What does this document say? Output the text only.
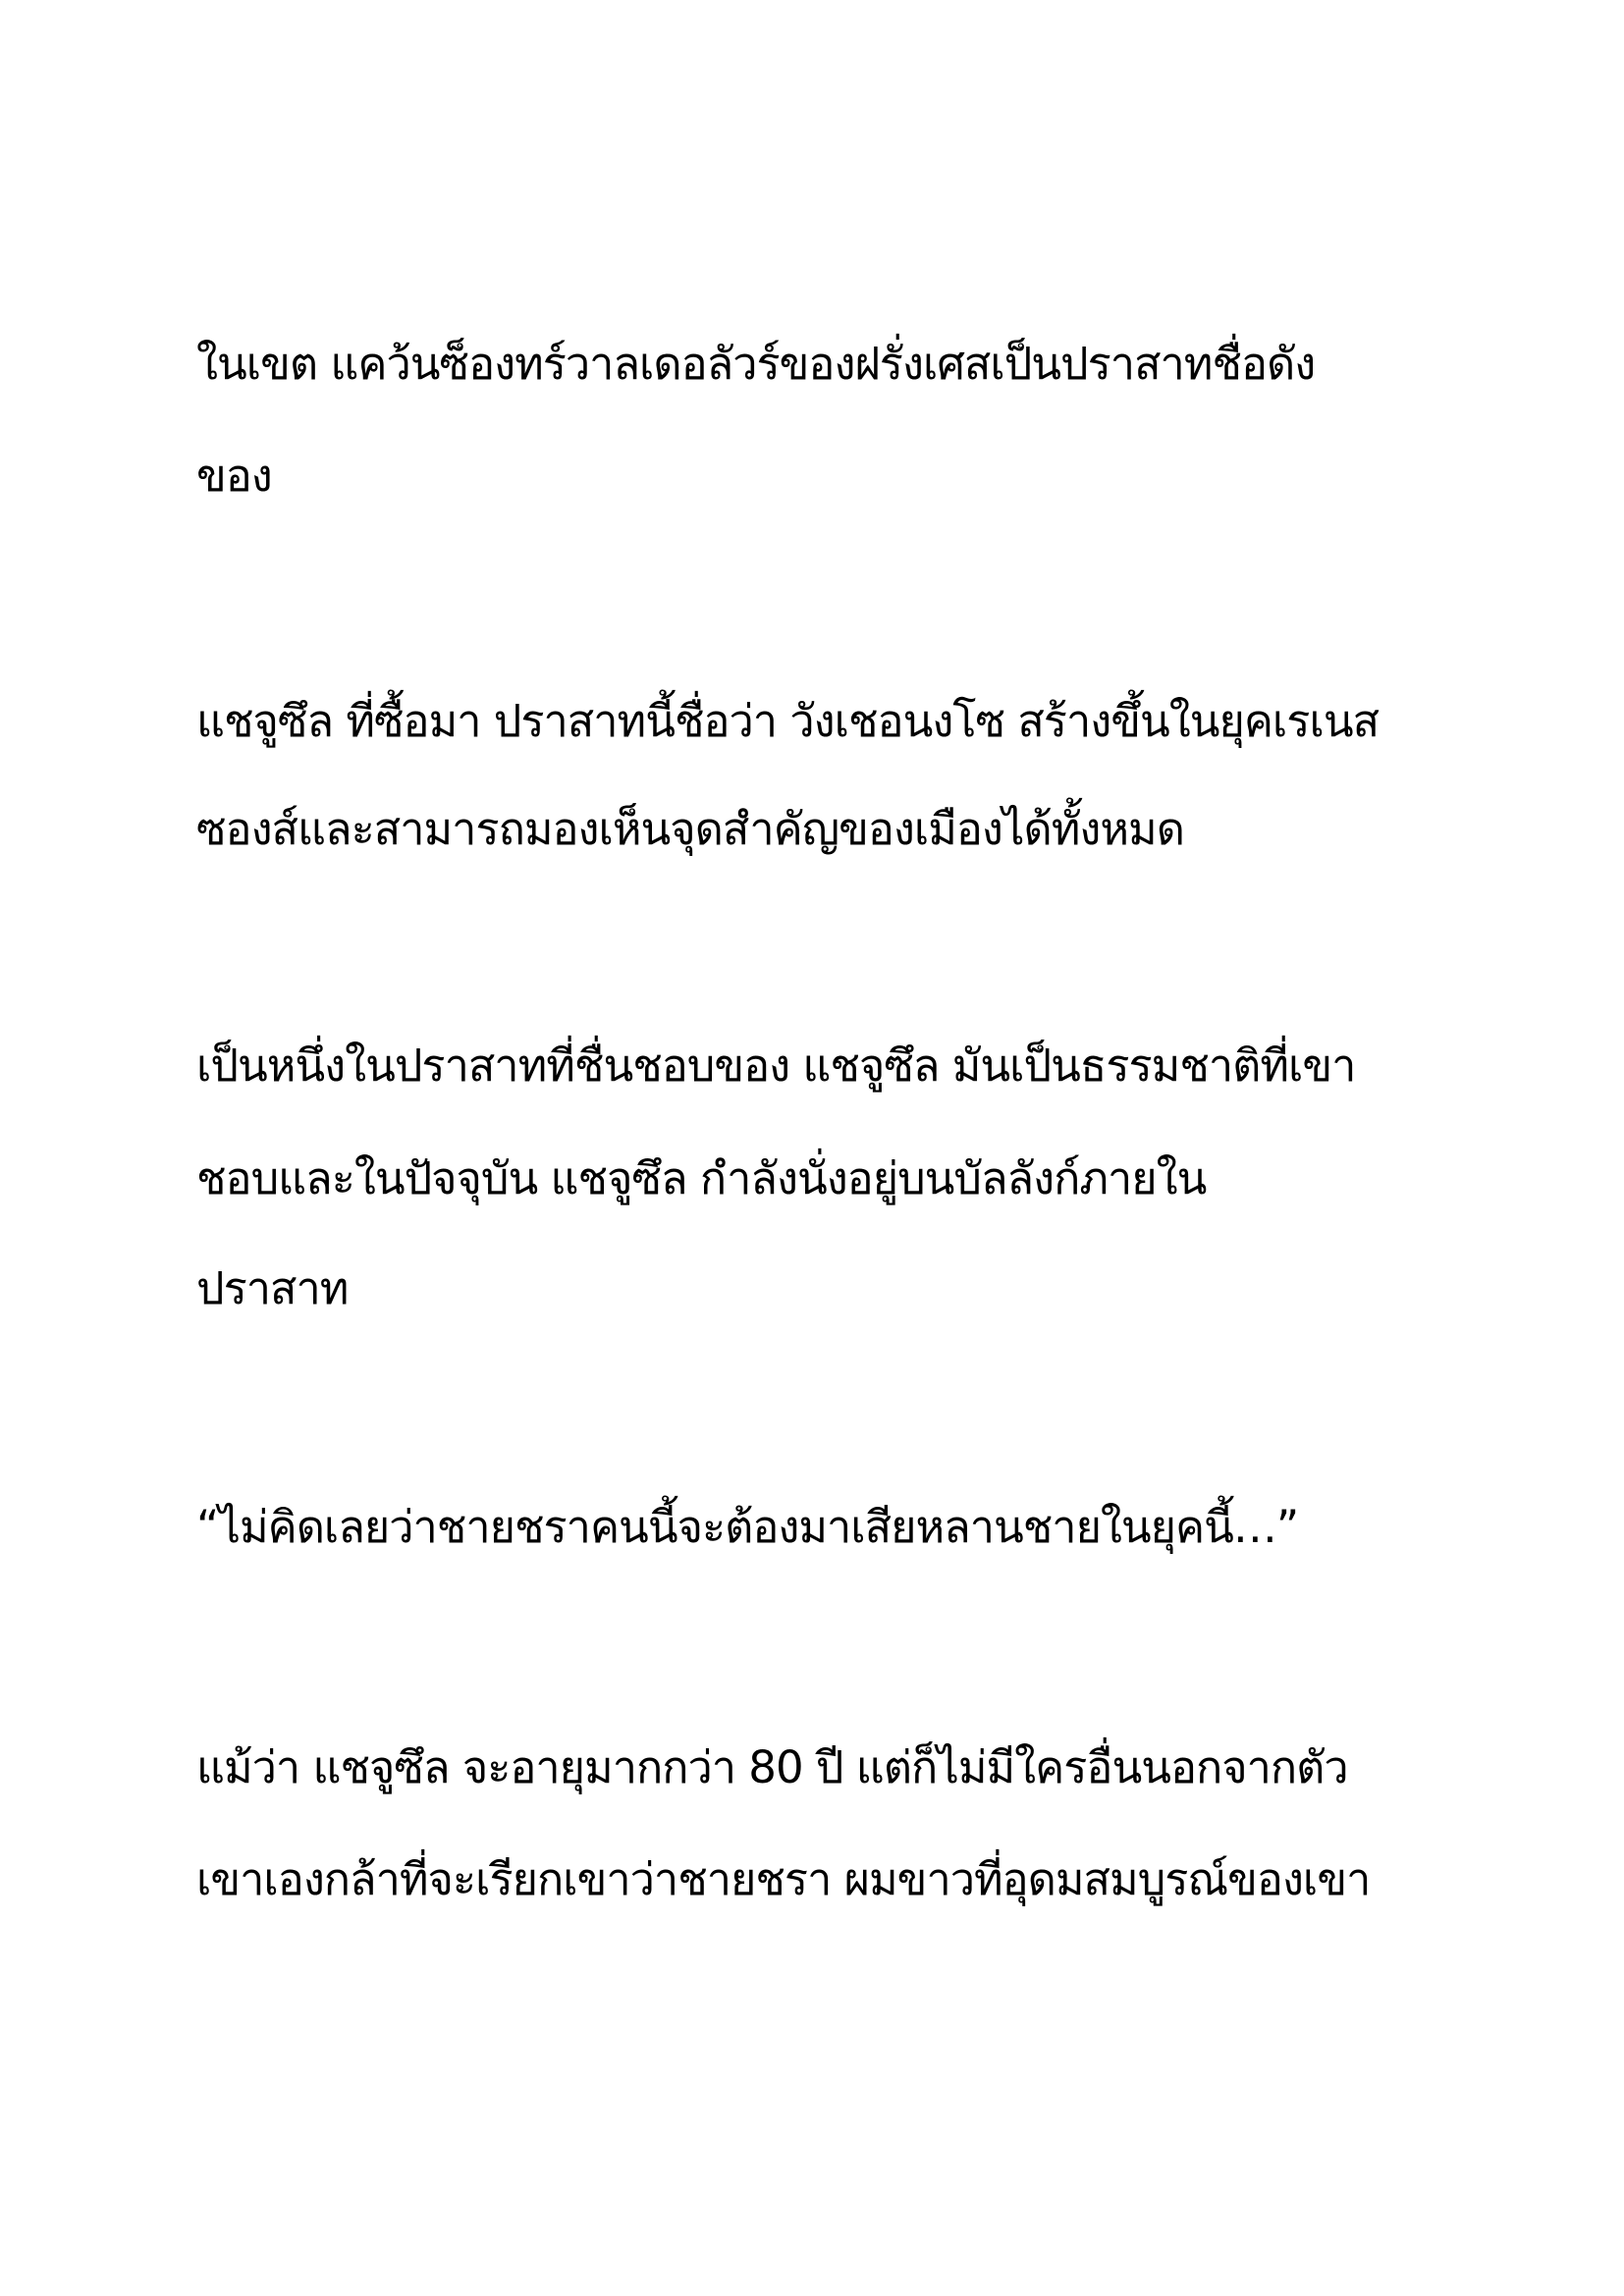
ในเขต แคว้นซ็องทร์วาลเดอลัวร์ของฝรั่งเศสเป็นปราสาทชื่อดัง

ของ

แชจูซึล ที่ซื้อมา ปราสาทนี้ชื่อว่า วังเชอนงโซ สร้างขึ้นในยุคเรเนส

ซองส์และสามารถมองเห็นจุดสำคัญของเมืองได้ทั้งหมด

เป็นหนึ่งในปราสาทที่ชื่นชอบของ แชจูซึล มันเป็นธรรมชาติที่เขา

ชอบและในปัจจุบัน แชจูซึล กำลังนั่งอยู่บนบัลลังก์ภายใน

ปราสาท

“ไม่คิดเลยว่าชายชราคนนี้จะต้องมาเสียหลานชายในยุคนี้…”

แม้ว่า แชจูซึล จะอายุมากกว่า 80 ปี แต่ก็ไม่มีใครอื่นนอกจากตัว

เขาเองกล้าที่จะเรียกเขาว่าชายชรา ผมขาวที่อุดมสมบูรณ์ของเขา
